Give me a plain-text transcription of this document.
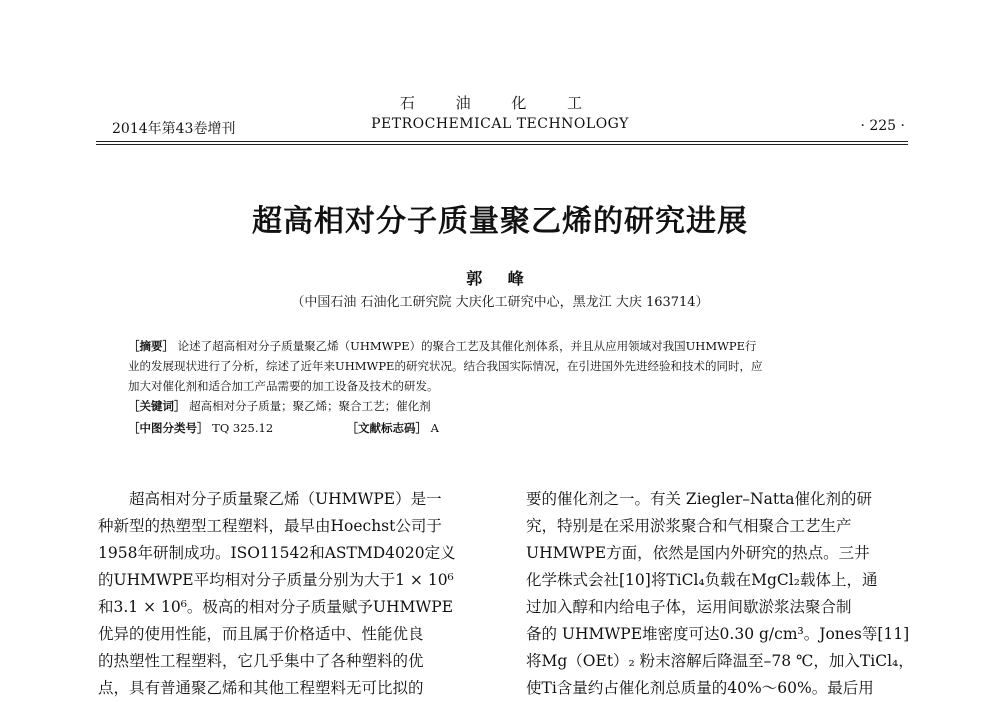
石 油 化 工
PETROCHEMICAL TECHNOLOGY
2014年第43卷增刊	· 225 ·
超高相对分子质量聚乙烯的研究进展
郭 峰
（中国石油 石油化工研究院 大庆化工研究中心，黑龙江 大庆 163714）
［摘要］ 论述了超高相对分子质量聚乙烯（UHMWPE）的聚合工艺及其催化剂体系，并且从应用领域对我国UHMWPE行
业的发展现状进行了分析，综述了近年来UHMWPE的研究状况。结合我国实际情况，在引进国外先进经验和技术的同时，应
加大对催化剂和适合加工产品需要的加工设备及技术的研发。
［关键词］ 超高相对分子质量；聚乙烯；聚合工艺；催化剂
［中图分类号］ TQ 325.12	［文献标志码］ A
超高相对分子质量聚乙烯（UHMWPE）是一
种新型的热塑型工程塑料，最早由Hoechst公司于
1958年研制成功。ISO11542和ASTMD4020定义
的UHMWPE平均相对分子质量分别为大于1 × 10⁶
和3.1 × 10⁶。极高的相对分子质量赋予UHMWPE
优异的使用性能，而且属于价格适中、性能优良
的热塑性工程塑料，它几乎集中了各种塑料的优
点，具有普通聚乙烯和其他工程塑料无可比拟的
要的催化剂之一。有关 Ziegler–Natta催化剂的研
究，特别是在采用淤浆聚合和气相聚合工艺生产
UHMWPE方面，依然是国内外研究的热点。三井
化学株式会社[10]将TiCl₄负载在MgCl₂载体上，通
过加入醇和内给电子体，运用间歇淤浆法聚合制
备的 UHMWPE堆密度可达0.30 g/cm³。Jones等[11]
将Mg（OEt）₂ 粉末溶解后降温至–78 ℃，加入TiCl₄，
使Ti含量约占催化剂总质量的40%～60%。最后用
